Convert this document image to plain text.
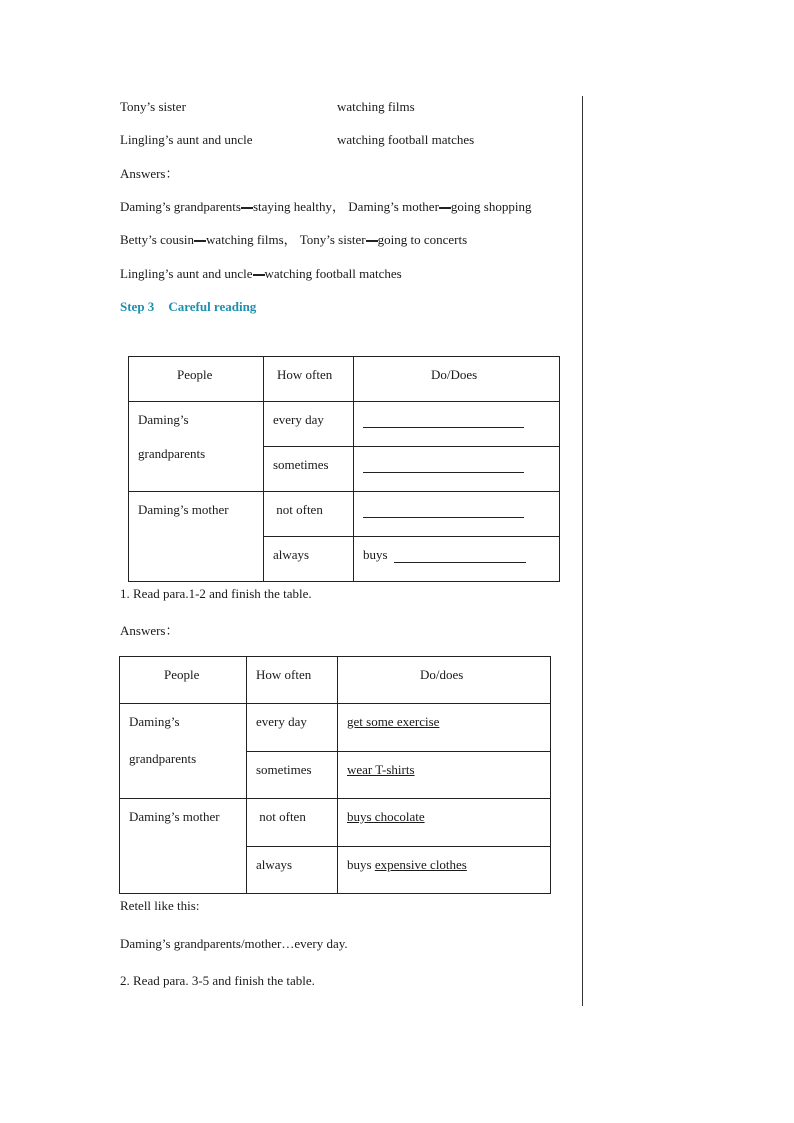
Tony’s sister	watching films
Lingling’s aunt and uncle	watching football matches
Answers：
Daming’s grandparents staying healthy， Daming’s mother going shopping
Betty’s cousin watching films， Tony’s sister going to concerts
Lingling’s aunt and uncle watching football matches
Step 3 Careful reading
People	How often	Do/Does

Daming’s
grandparents	every day	

	sometimes	

Daming’s mother	not often	

	always	buys
1. Read para.1-2 and finish the table.
Answers：
People	How often	Do/does

Daming’s
grandparents	every day	get some exercise

	sometimes	wear T-shirts

Daming’s mother	not often	buys chocolate

	always	buys expensive clothes
Retell like this:
Daming’s grandparents/mother…every day.
2. Read para. 3-5 and finish the table.
